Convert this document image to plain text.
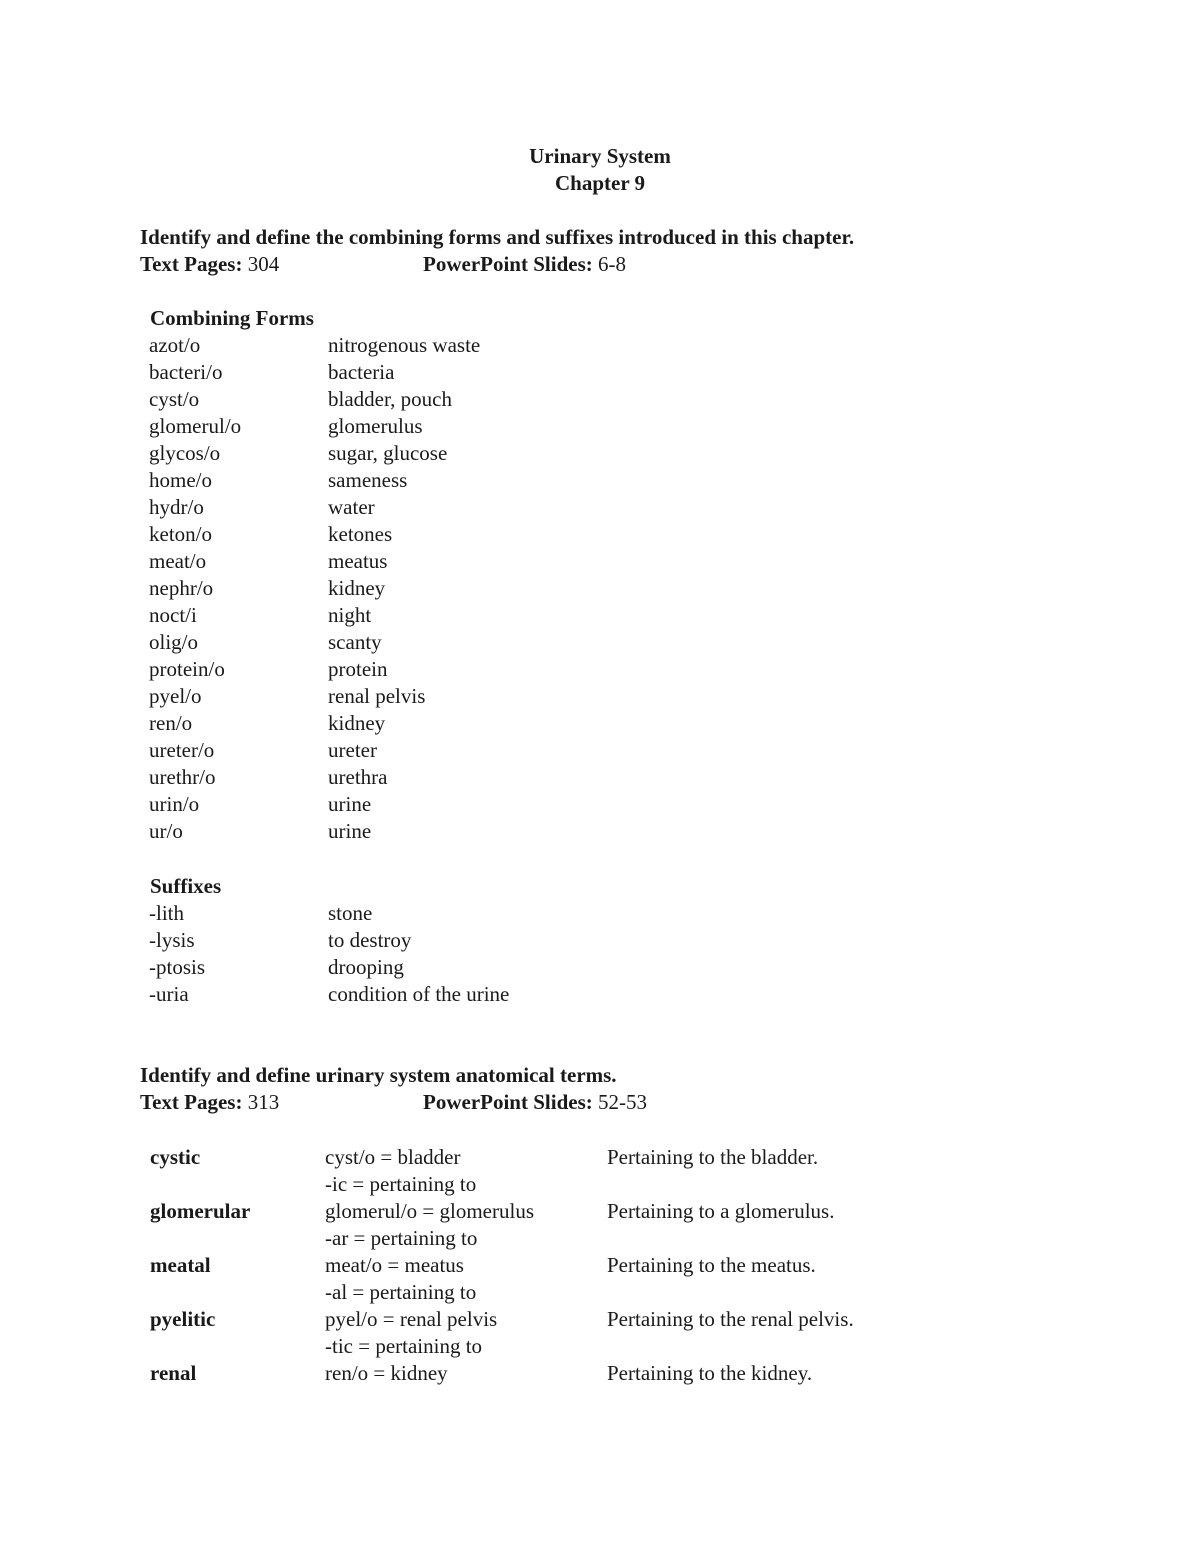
Urinary System
Chapter 9
Identify and define the combining forms and suffixes introduced in this chapter.
Text Pages: 304	PowerPoint Slides: 6-8
Combining Forms
azot/o	nitrogenous waste
bacteri/o	bacteria
cyst/o	bladder, pouch
glomerul/o	glomerulus
glycos/o	sugar, glucose
home/o	sameness
hydr/o	water
keton/o	ketones
meat/o	meatus
nephr/o	kidney
noct/i	night
olig/o	scanty
protein/o	protein
pyel/o	renal pelvis
ren/o	kidney
ureter/o	ureter
urethr/o	urethra
urin/o	urine
ur/o	urine
Suffixes
-lith	stone
-lysis	to destroy
-ptosis	drooping
-uria	condition of the urine
Identify and define urinary system anatomical terms.
Text Pages: 313	PowerPoint Slides: 52-53
cystic	cyst/o = bladder	Pertaining to the bladder.
-ic = pertaining to
glomerular	glomerul/o = glomerulus	Pertaining to a glomerulus.
-ar = pertaining to
meatal	meat/o = meatus	Pertaining to the meatus.
-al = pertaining to
pyelitic	pyel/o = renal pelvis	Pertaining to the renal pelvis.
-tic = pertaining to
renal	ren/o = kidney	Pertaining to the kidney.
